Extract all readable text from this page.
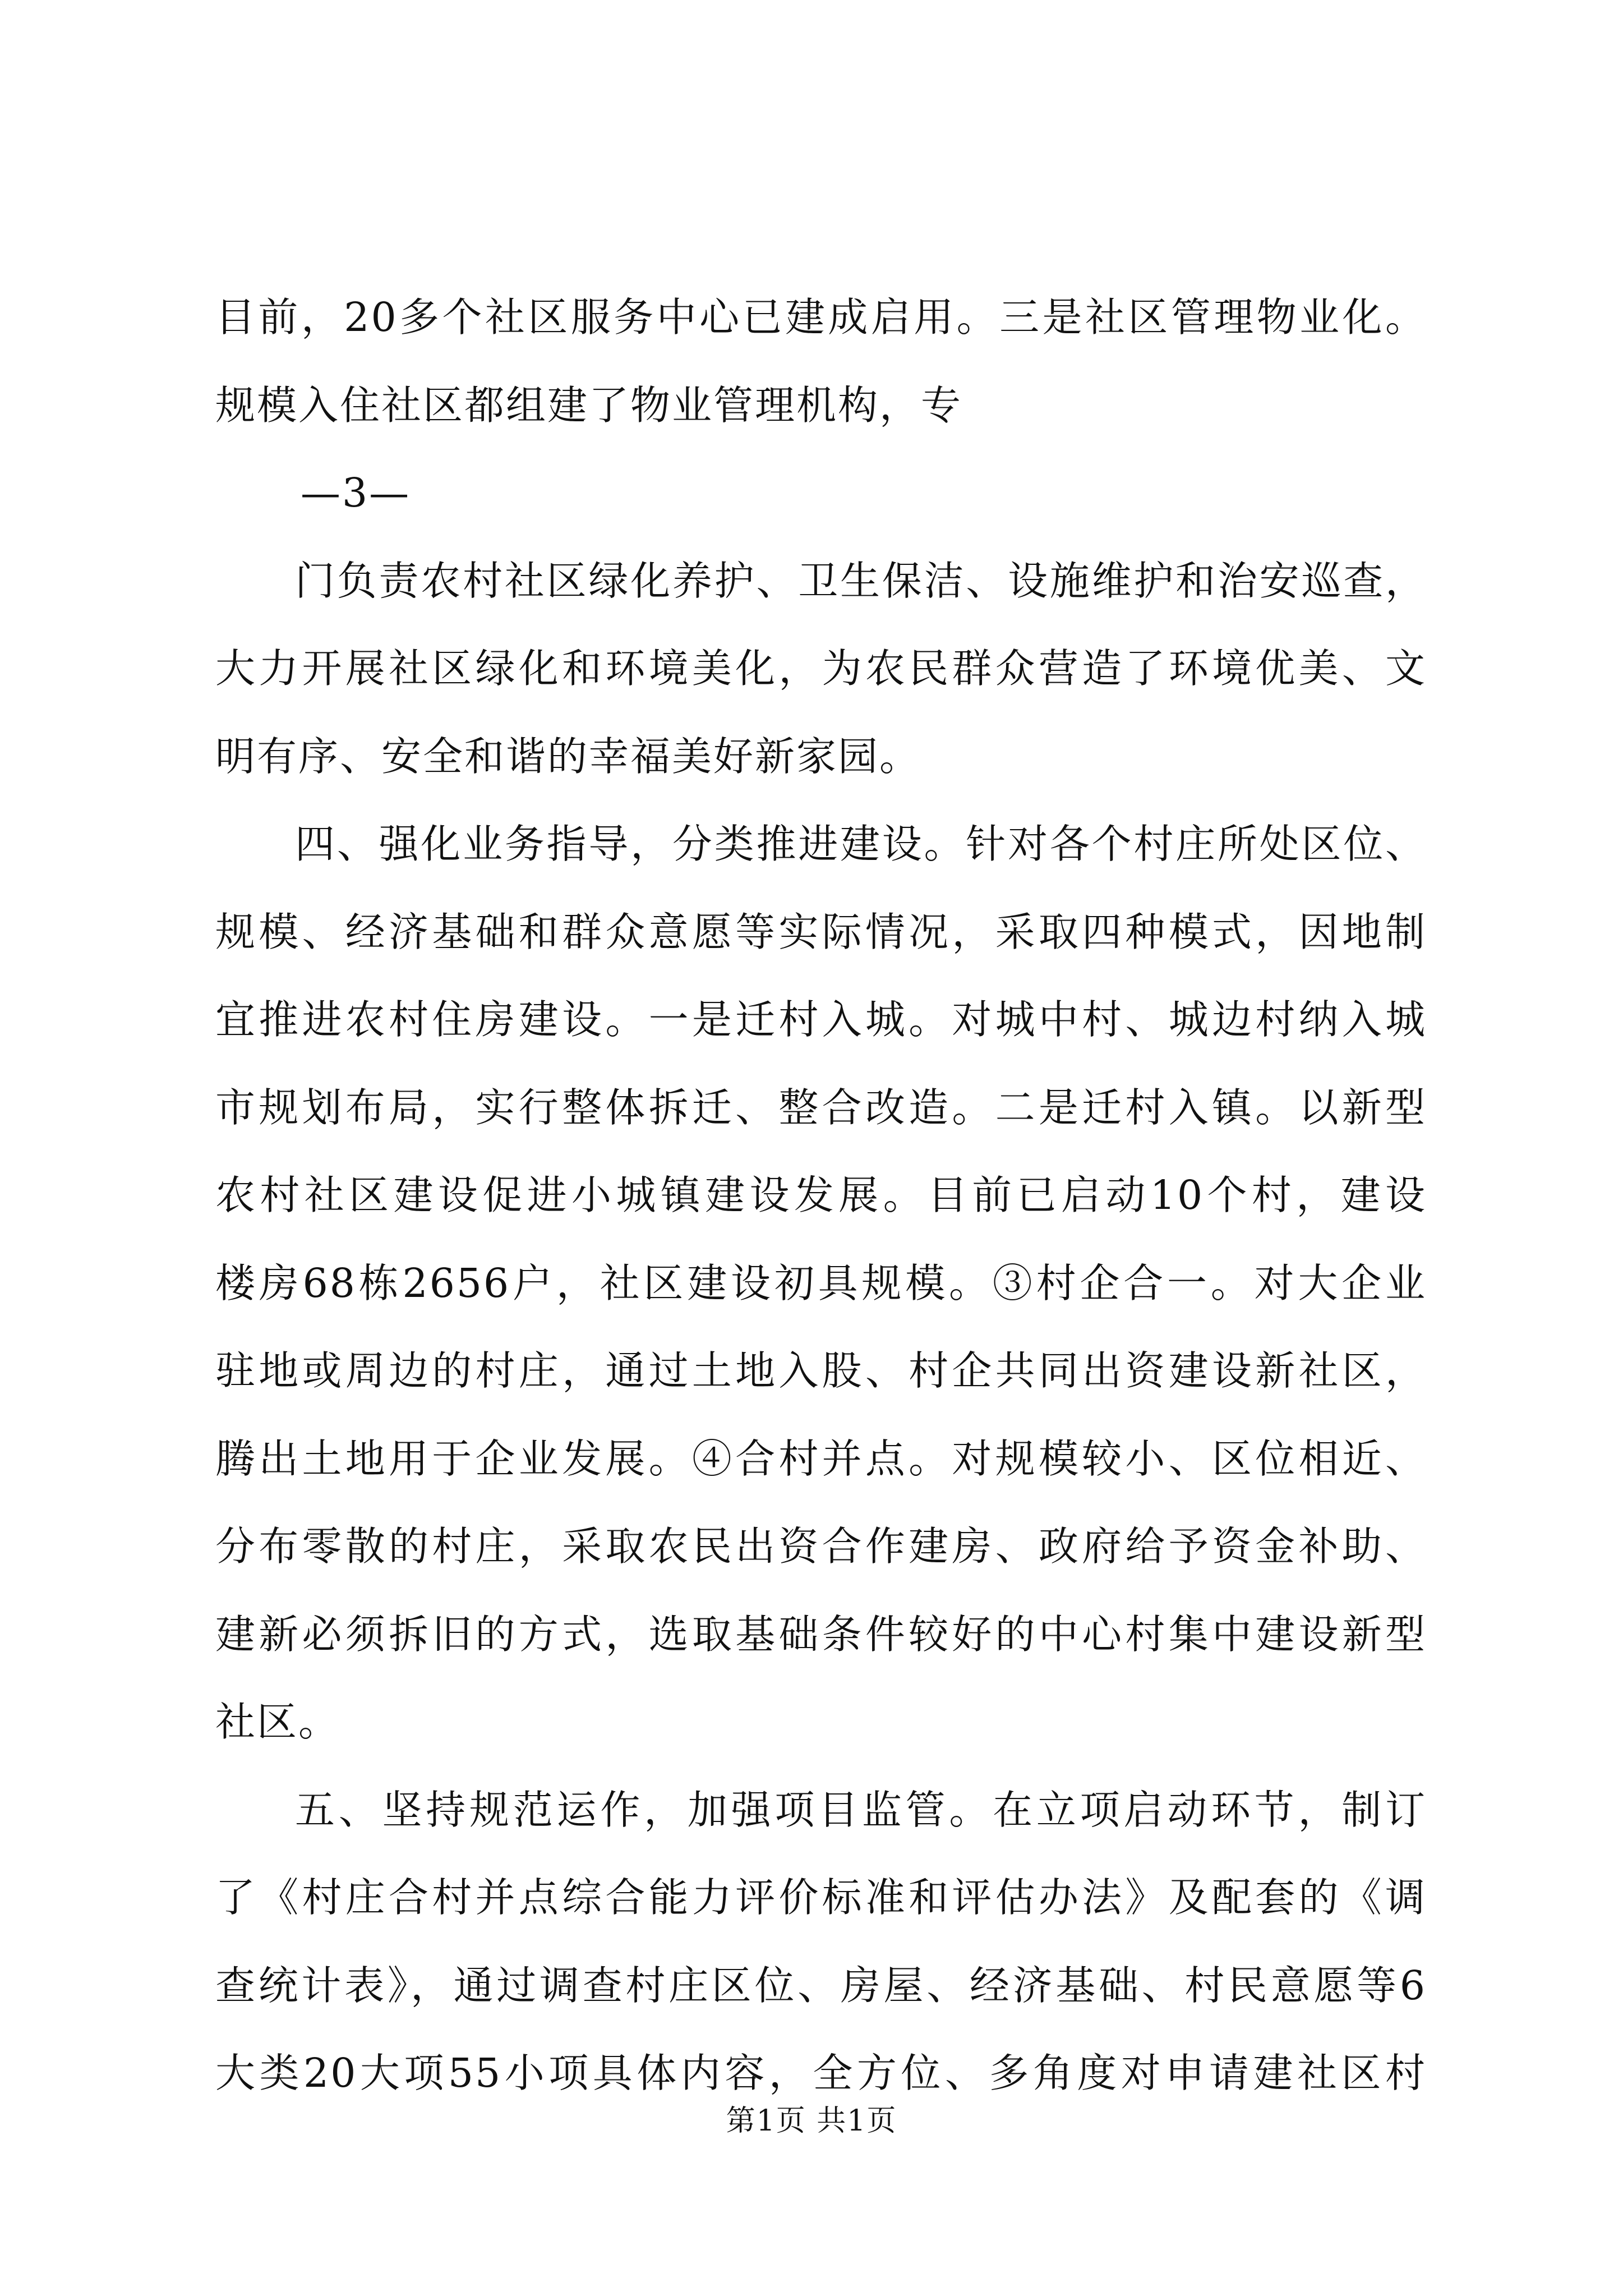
目前，20多个社区服务中心已建成启用。三是社区管理物业化。
规模入住社区都组建了物业管理机构，专
—3—
门负责农村社区绿化养护、卫生保洁、设施维护和治安巡查，
大力开展社区绿化和环境美化，为农民群众营造了环境优美、文
明有序、安全和谐的幸福美好新家园。
四、强化业务指导，分类推进建设。针对各个村庄所处区位、
规模、经济基础和群众意愿等实际情况，采取四种模式，因地制
宜推进农村住房建设。一是迁村入城。对城中村、城边村纳入城
市规划布局，实行整体拆迁、整合改造。二是迁村入镇。以新型
农村社区建设促进小城镇建设发展。目前已启动10个村，建设
楼房68栋2656户，社区建设初具规模。③村企合一。对大企业
驻地或周边的村庄，通过土地入股、村企共同出资建设新社区，
腾出土地用于企业发展。④合村并点。对规模较小、区位相近、
分布零散的村庄，采取农民出资合作建房、政府给予资金补助、
建新必须拆旧的方式，选取基础条件较好的中心村集中建设新型
社区。
五、坚持规范运作，加强项目监管。在立项启动环节，制订
了《村庄合村并点综合能力评价标准和评估办法》及配套的《调
查统计表》，通过调查村庄区位、房屋、经济基础、村民意愿等6
大类20大项55小项具体内容，全方位、多角度对申请建社区村
第1页 共1页
